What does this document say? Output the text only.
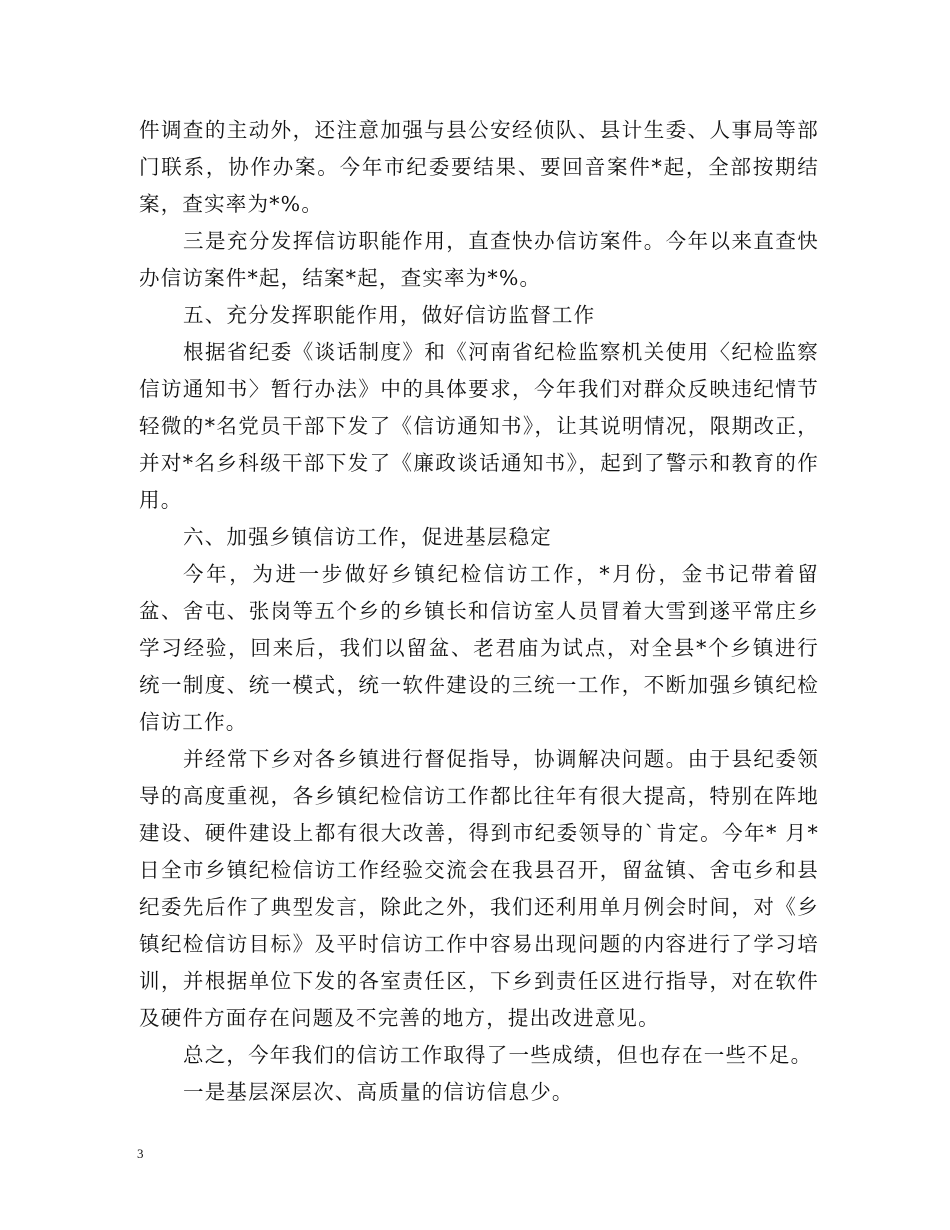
件调查的主动外，还注意加强与县公安经侦队、县计生委、人事局等部门联系，协作办案。今年市纪委要结果、要回音案件*起，全部按期结案，查实率为*%。

三是充分发挥信访职能作用，直查快办信访案件。今年以来直查快办信访案件*起，结案*起，查实率为*%。

五、充分发挥职能作用，做好信访监督工作

根据省纪委《谈话制度》和《河南省纪检监察机关使用〈纪检监察信访通知书〉暂行办法》中的具体要求，今年我们对群众反映违纪情节轻微的*名党员干部下发了《信访通知书》，让其说明情况，限期改正，并对*名乡科级干部下发了《廉政谈话通知书》，起到了警示和教育的作用。

六、加强乡镇信访工作，促进基层稳定

今年，为进一步做好乡镇纪检信访工作，*月份，金书记带着留盆、舍屯、张岗等五个乡的乡镇长和信访室人员冒着大雪到遂平常庄乡学习经验，回来后，我们以留盆、老君庙为试点，对全县*个乡镇进行统一制度、统一模式，统一软件建设的三统一工作，不断加强乡镇纪检信访工作。

并经常下乡对各乡镇进行督促指导，协调解决问题。由于县纪委领导的高度重视，各乡镇纪检信访工作都比往年有很大提高，特别在阵地建设、硬件建设上都有很大改善，得到市纪委领导的`肯定。今年* 月*日全市乡镇纪检信访工作经验交流会在我县召开，留盆镇、舍屯乡和县纪委先后作了典型发言，除此之外，我们还利用单月例会时间，对《乡镇纪检信访目标》及平时信访工作中容易出现问题的内容进行了学习培训，并根据单位下发的各室责任区，下乡到责任区进行指导，对在软件及硬件方面存在问题及不完善的地方，提出改进意见。

总之，今年我们的信访工作取得了一些成绩，但也存在一些不足。

一是基层深层次、高质量的信访信息少。

3
